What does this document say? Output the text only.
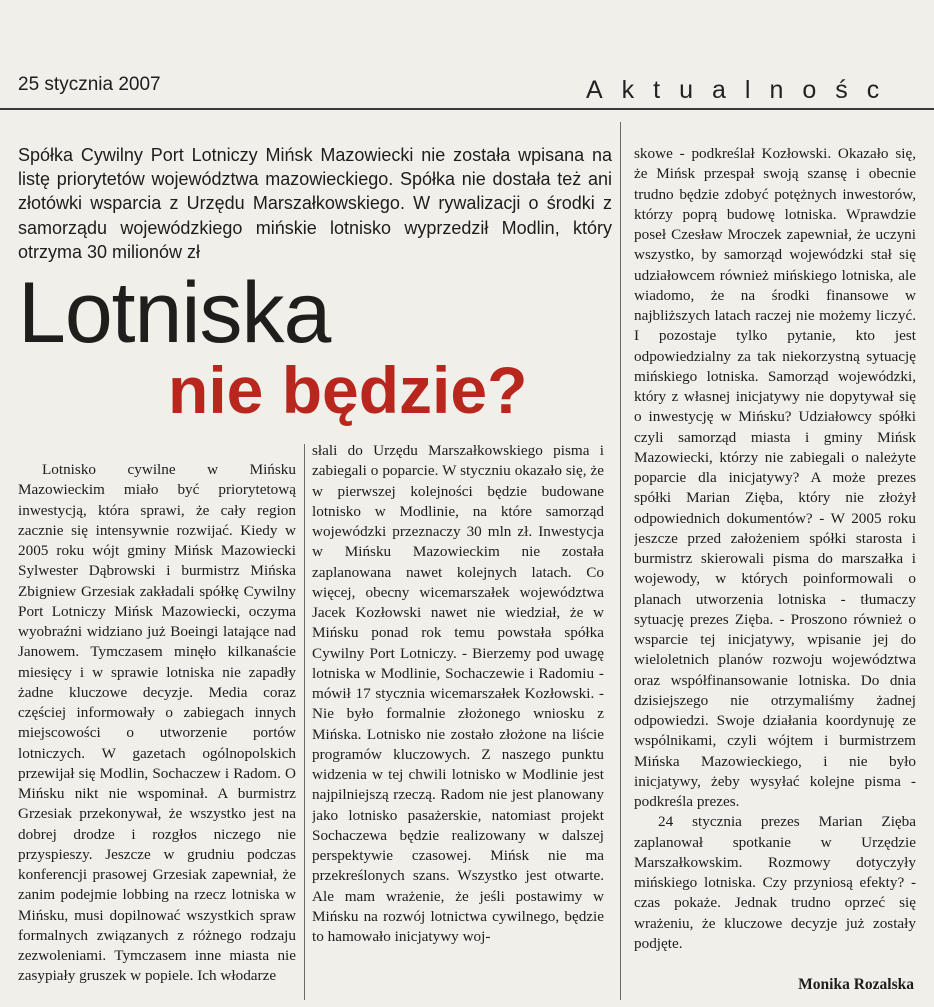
25 stycznia 2007	Aktualnośc
Spółka Cywilny Port Lotniczy Mińsk Mazowiecki nie została wpisana na listę priorytetów województwa mazowieckiego. Spółka nie dostała też ani złotówki wsparcia z Urzędu Marszałkowskiego. W rywalizacji o środki z samorządu wojewódzkiego mińskie lotnisko wyprzedził Modlin, który otrzyma 30 milionów zł
Lotniska
nie będzie?

Lotnisko cywilne w Mińsku Mazowieckim miało być priorytetową inwestycją, która sprawi, że cały region zacznie się intensywnie rozwijać. Kiedy w 2005 roku wójt gminy Mińsk Mazowiecki Sylwester Dąbrowski i burmistrz Mińska Zbigniew Grzesiak zakładali spółkę Cywilny Port Lotniczy Mińsk Mazowiecki, oczyma wyobraźni widziano już Boeingi latające nad Janowem. Tymczasem minęło kilkanaście miesięcy i w sprawie lotniska nie zapadły żadne kluczowe decyzje. Media coraz częściej informowały o zabiegach innych miejscowości o utworzenie portów lotniczych. W gazetach ogólnopolskich przewijał się Modlin, Sochaczew i Radom. O Mińsku nikt nie wspominał. A burmistrz Grzesiak przekonywał, że wszystko jest na dobrej drodze i rozgłos niczego nie przyspieszy. Jeszcze w grudniu podczas konferencji prasowej Grzesiak zapewniał, że zanim podejmie lobbing na rzecz lotniska w Mińsku, musi dopilnować wszystkich spraw formalnych związanych z różnego rodzaju zezwoleniami. Tymczasem inne miasta nie zasypiały gruszek w popiele. Ich włodarze

słali do Urzędu Marszałkowskiego pisma i zabiegali o poparcie. W styczniu okazało się, że w pierwszej kolejności będzie budowane lotnisko w Modlinie, na które samorząd wojewódzki przeznaczy 30 mln zł. Inwestycja w Mińsku Mazowieckim nie została zaplanowana nawet kolejnych latach. Co więcej, obecny wicemarszałek województwa Jacek Kozłowski nawet nie wiedział, że w Mińsku ponad rok temu powstała spółka Cywilny Port Lotniczy. - Bierzemy pod uwagę lotniska w Modlinie, Sochaczewie i Radomiu - mówił 17 stycznia wicemarszałek Kozłowski. - Nie było formalnie złożonego wniosku z Mińska. Lotnisko nie zostało złożone na liście programów kluczowych. Z naszego punktu widzenia w tej chwili lotnisko w Modlinie jest najpilniejszą rzeczą. Radom nie jest planowany jako lotnisko pasażerskie, natomiast projekt Sochaczewa będzie realizowany w dalszej perspektywie czasowej. Mińsk nie ma przekreślonych szans. Wszystko jest otwarte. Ale mam wrażenie, że jeśli postawimy w Mińsku na rozwój lotnictwa cywilnego, będzie to hamowało inicjatywy woj-

skowe - podkreślał Kozłowski. Okazało się, że Mińsk przespał swoją szansę i obecnie trudno będzie zdobyć potężnych inwestorów, którzy poprą budowę lotniska. Wprawdzie poseł Czesław Mroczek zapewniał, że uczyni wszystko, by samorząd wojewódzki stał się udziałowcem również mińskiego lotniska, ale wiadomo, że na środki finansowe w najbliższych latach raczej nie możemy liczyć. I pozostaje tylko pytanie, kto jest odpowiedzialny za tak niekorzystną sytuację mińskiego lotniska. Samorząd wojewódzki, który z własnej inicjatywy nie dopytywał się o inwestycję w Mińsku? Udziałowcy spółki czyli samorząd miasta i gminy Mińsk Mazowiecki, którzy nie zabiegali o należyte poparcie dla inicjatywy? A może prezes spółki Marian Zięba, który nie złożył odpowiednich dokumentów? - W 2005 roku jeszcze przed założeniem spółki starosta i burmistrz skierowali pisma do marszałka i wojewody, w których poinformowali o planach utworzenia lotniska - tłumaczy sytuację prezes Zięba. - Proszono również o wsparcie tej inicjatywy, wpisanie jej do wieloletnich planów rozwoju województwa oraz współfinansowanie lotniska. Do dnia dzisiejszego nie otrzymaliśmy żadnej odpowiedzi. Swoje działania koordynuję ze wspólnikami, czyli wójtem i burmistrzem Mińska Mazowieckiego, i nie było inicjatywy, żeby wysyłać kolejne pisma - podkreśla prezes.

24 stycznia prezes Marian Zięba zaplanował spotkanie w Urzędzie Marszałkowskim. Rozmowy dotyczyły mińskiego lotniska. Czy przyniosą efekty? - czas pokaże. Jednak trudno oprzeć się wrażeniu, że kluczowe decyzje już zostały podjęte.

Monika Rozalska
